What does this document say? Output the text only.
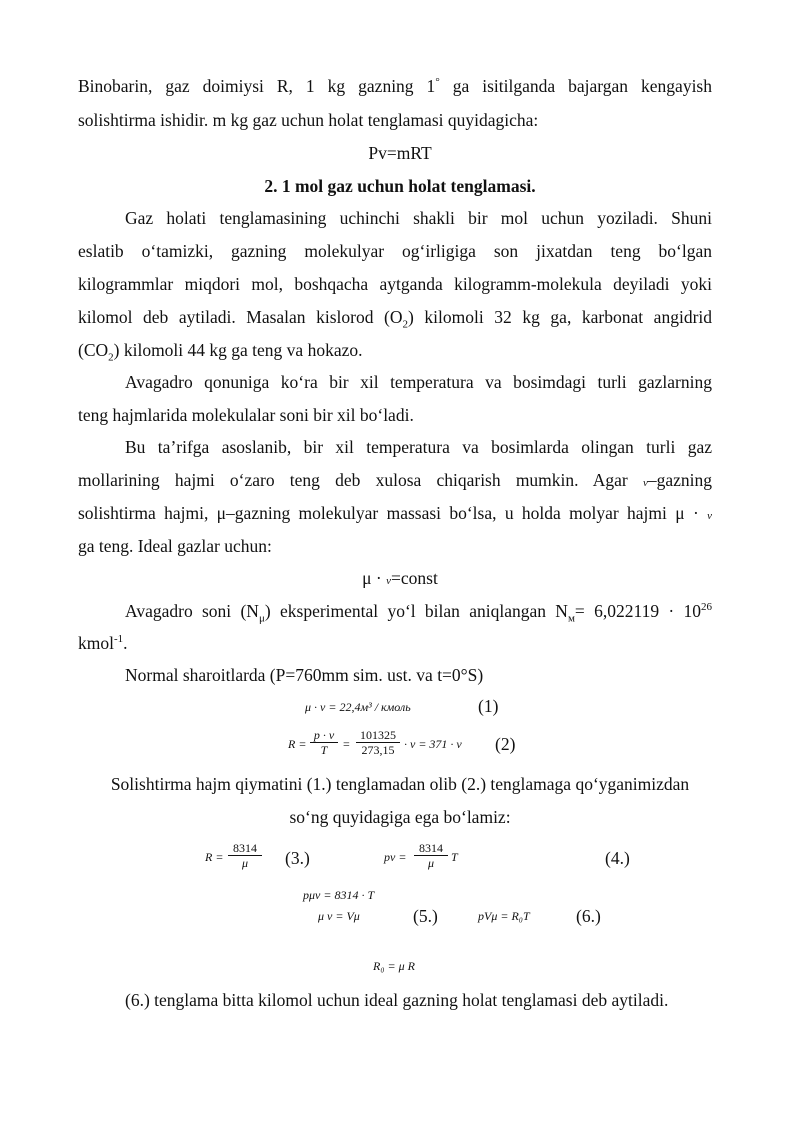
Binobarin, gaz doimiysi R, 1 kg gazning 1° ga isitilganda bajargan kengayish
solishtirma ishidir. m kg gaz uchun holat tenglamasi quyidagicha:
Pv=mRT
2. 1 mol gaz uchun holat tenglamasi.
Gaz holati tenglamasining uchinchi shakli bir mol uchun yoziladi. Shuni
eslatib o‘tamizki, gazning molekulyar og‘irligiga son jixatdan teng bo‘lgan
kilogrammlar miqdori mol, boshqacha aytganda kilogramm-molekula deyiladi yoki
kilomol deb aytiladi. Masalan kislorod $(O_2)$ kilomoli 32 kg ga, karbonat angidrid
$(CO_2)$ kilomoli 44 kg ga teng va hokazo.
Avagadro qonuniga ko‘ra bir xil temperatura va bosimdagi turli gazlarning
teng hajmlarida molekulalar soni bir xil bo‘ladi.
Bu ta’rifga asoslanib, bir xil temperatura va bosimlarda olingan turli gaz
mollarining hajmi o‘zaro teng deb xulosa chiqarish mumkin. Agar v–gazning
solishtirma hajmi, μ–gazning molekulyar massasi bo‘lsa, u holda molyar hajmi μ · v
ga teng. Ideal gazlar uchun:
μ · v=const
Avagadro soni $(N_\mu)$ eksperimental yo‘l bilan aniqlangan $N_м= 6,022119 \cdot 10^{26}$
kmol$^{-1}$.
Normal sharoitlarda (P=760mm sim. ust. va t=0°S)
μ · v = 22,4м³ / кмоль	(1)
$R = \frac{p \cdot v}{T} = \frac{101325}{273,15} \cdot v = 371 \cdot v$ (2)
Solishtirma hajm qiymatini (1.) tenglamadan olib (2.) tenglamaga qo‘yganimizdan
so‘ng quyidagiga ega bo‘lamiz:
$R = \frac{8314}{\mu} (3.)$	pv = $\frac{8314}{\mu}$ T	(4.)
pμv = 8314 · T
μ v = Vμ	(5.)	pVμ = R₀T	(6.)
R₀ = μ R
(6.) tenglama bitta kilomol uchun ideal gazning holat tenglamasi deb aytiladi.
